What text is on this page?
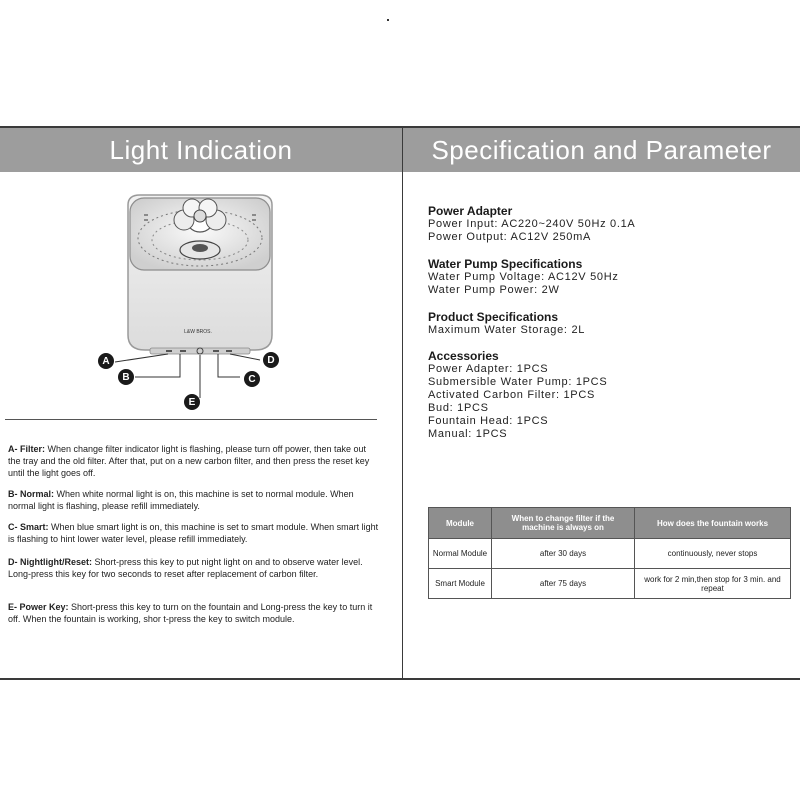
Light Indication	Specification and Parameter
L&W BROS.
A
B	C
D
E
A- Filter: When change filter indicator light is flashing, please turn off power, then take out the tray and the old filter. After that, put on a new carbon filter, and then press the reset key until the light goes off.
B- Normal: When white normal light is on, this machine is set to normal module. When normal light is flashing, please refill immediately.
C- Smart: When blue smart light is on, this machine is set to smart module. When smart light is flashing to hint lower water level, please refill immediately.
D- Nightlight/Reset: Short-press this key to put night light on and to observe water level. Long-press this key for two seconds to reset after replacement of carbon filter.
E- Power Key: Short-press this key to turn on the fountain and Long-press the key to turn it off. When the fountain is working, shor t-press the key to switch module.
Power Adapter
Power Input: AC220~240V 50Hz 0.1A
Power Output: AC12V 250mA
Water Pump Specifications
Water Pump Voltage: AC12V 50Hz
Water Pump Power: 2W
Product Specifications
Maximum Water Storage: 2L
Accessories
Power Adapter: 1PCS
Submersible Water Pump: 1PCS
Activated Carbon Filter: 1PCS
Bud: 1PCS
Fountain Head: 1PCS
Manual: 1PCS
Module	When to change filter if the machine is always on	How does the fountain works
Normal Module	after 30 days	continuously, never stops
Smart Module	after 75 days	work for 2 min,then stop for 3 min. and repeat
